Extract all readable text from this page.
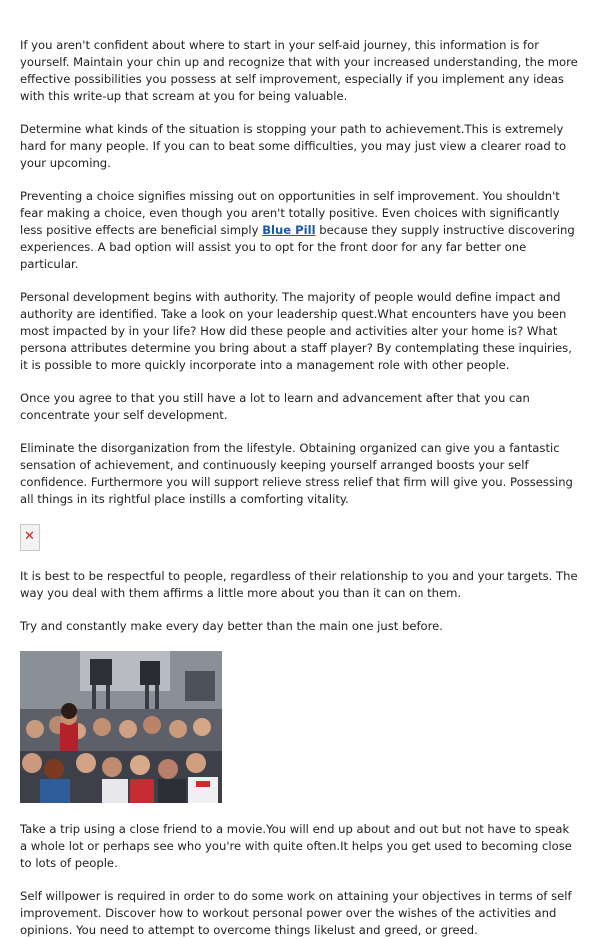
If you aren't confident about where to start in your self-aid journey, this information is for yourself. Maintain your chin up and recognize that with your increased understanding, the more effective possibilities you possess at self improvement, especially if you implement any ideas with this write-up that scream at you for being valuable.

Determine what kinds of the situation is stopping your path to achievement.This is extremely hard for many people. If you can to beat some difficulties, you may just view a clearer road to your upcoming.

Preventing a choice signifies missing out on opportunities in self improvement. You shouldn't fear making a choice, even though you aren't totally positive. Even choices with significantly less positive effects are beneficial simply Blue Pill because they supply instructive discovering experiences. A bad option will assist you to opt for the front door for any far better one particular.

Personal development begins with authority. The majority of people would define impact and authority are identified. Take a look on your leadership quest.What encounters have you been most impacted by in your life? How did these people and activities alter your home is? What persona attributes determine you bring about a staff player? By contemplating these inquiries, it is possible to more quickly incorporate into a management role with other people.

Once you agree to that you still have a lot to learn and advancement after that you can concentrate your self development.

Eliminate the disorganization from the lifestyle. Obtaining organized can give you a fantastic sensation of achievement, and continuously keeping yourself arranged boosts your self confidence. Furthermore you will support relieve stress relief that firm will give you. Possessing all things in its rightful place instills a comforting vitality.

✕

It is best to be respectful to people, regardless of their relationship to you and your targets. The way you deal with them affirms a little more about you than it can on them.

Try and constantly make every day better than the main one just before.

Take a trip using a close friend to a movie.You will end up about and out but not have to speak a whole lot or perhaps see who you're with quite often.It helps you get used to becoming close to lots of people.

Self willpower is required in order to do some work on attaining your objectives in terms of self improvement. Discover how to workout personal power over the wishes of the activities and opinions. You need to attempt to overcome things likelust and greed, or greed.
